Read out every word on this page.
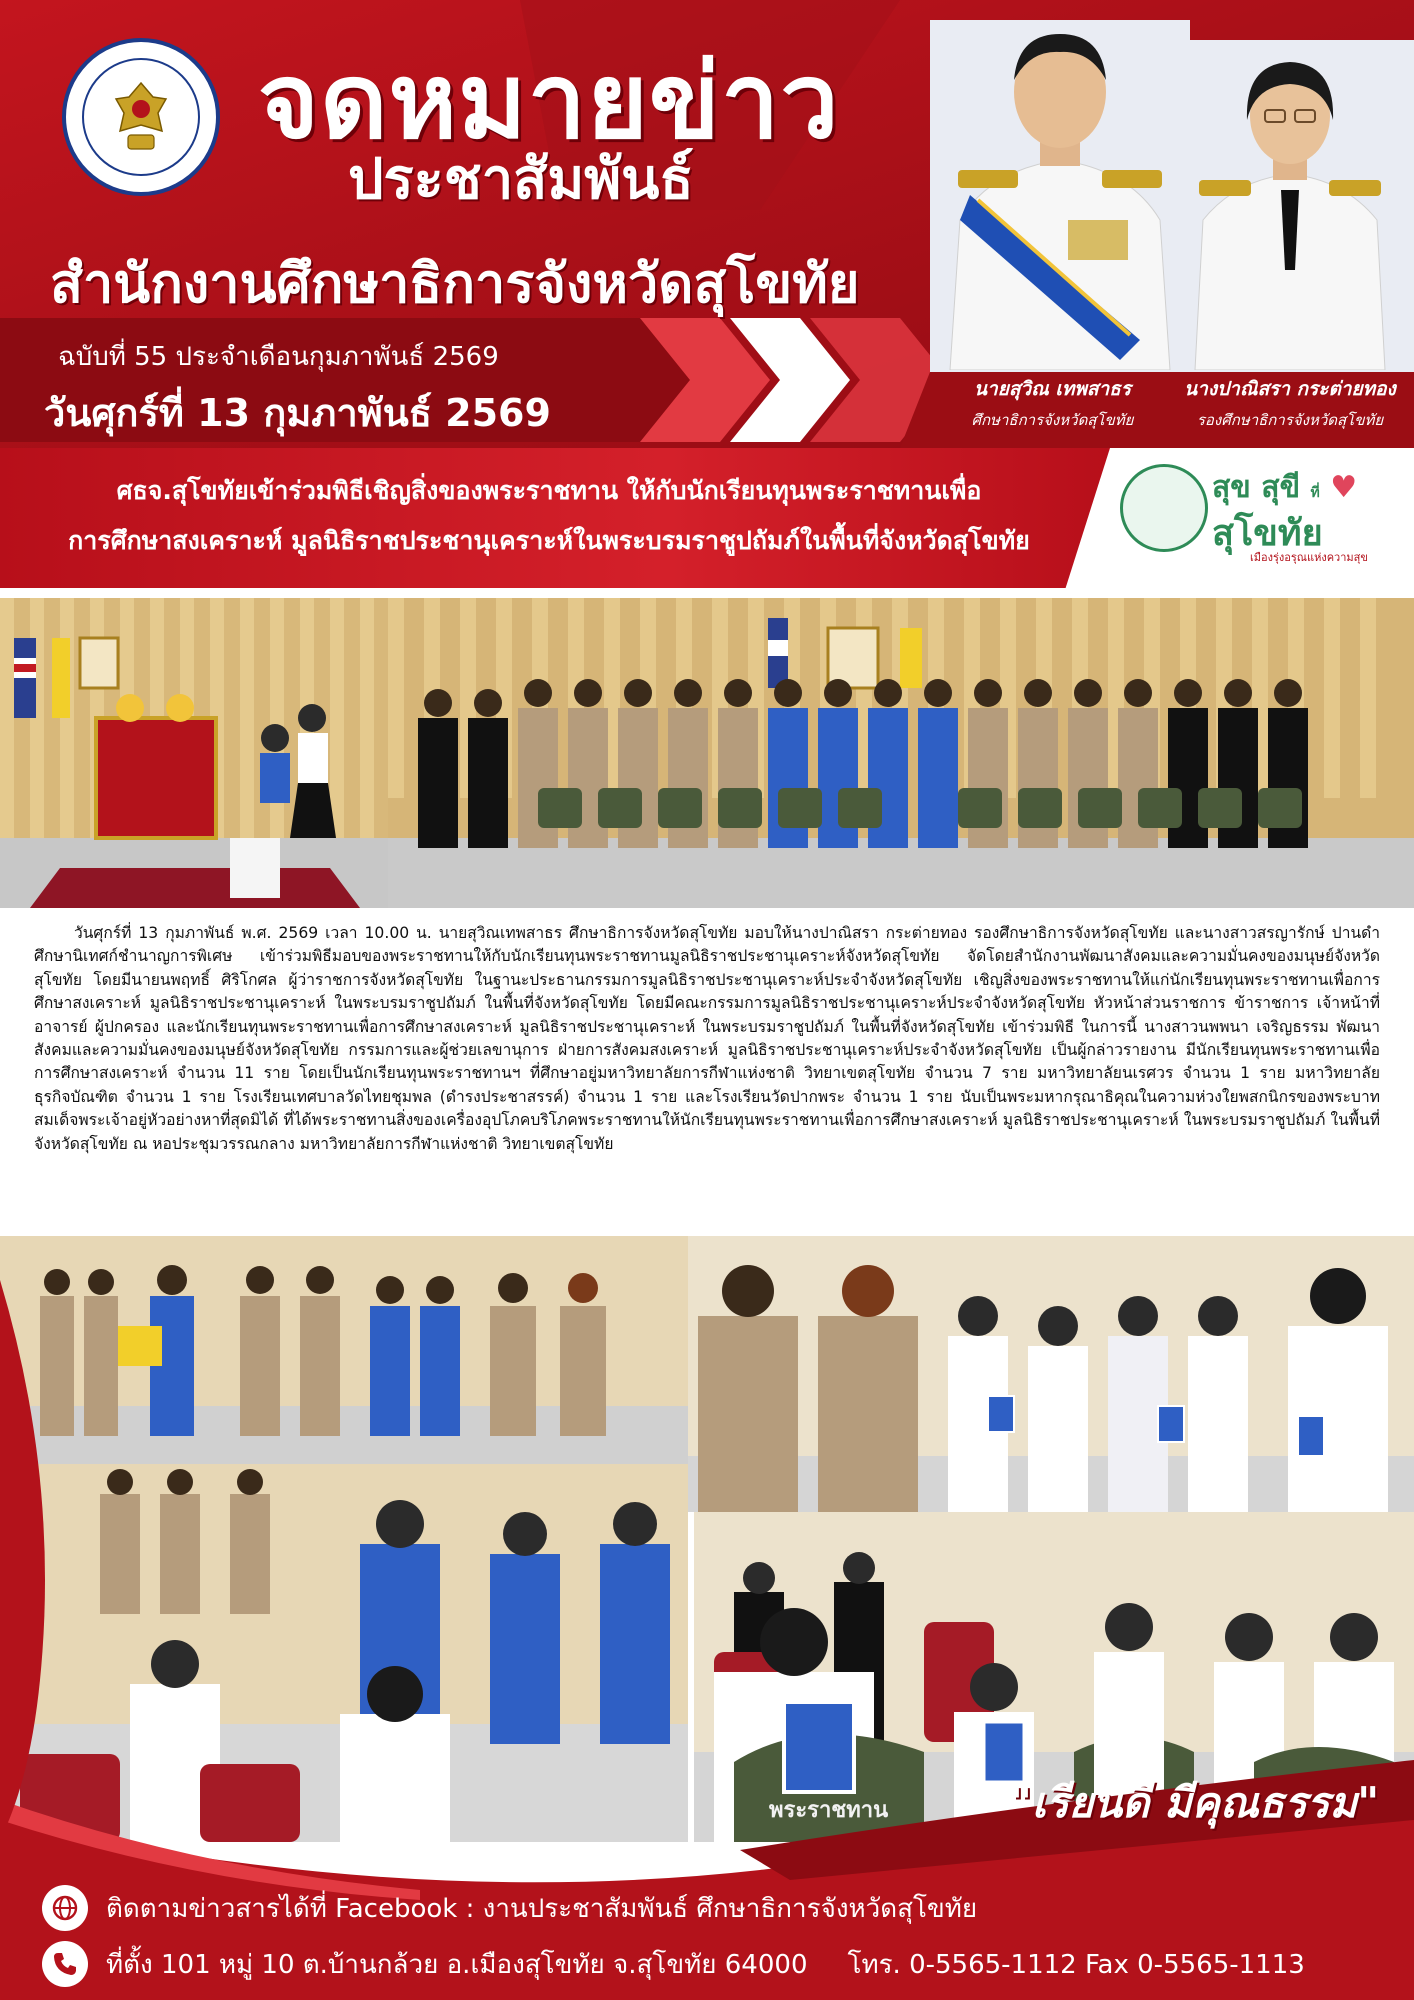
จดหมายข่าว
ประชาสัมพันธ์
สำนักงานศึกษาธิการจังหวัดสุโขทัย
ฉบับที่ 55 ประจำเดือนกุมภาพันธ์ 2569
วันศุกร์ที่ 13 กุมภาพันธ์ 2569
นายสุวิณ เทพสาธร
ศึกษาธิการจังหวัดสุโขทัย
นางปาณิสรา กระต่ายทอง
รองศึกษาธิการจังหวัดสุโขทัย
ศธจ.สุโขทัยเข้าร่วมพิธีเชิญสิ่งของพระราชทาน ให้กับนักเรียนทุนพระราชทานเพื่อ
การศึกษาสงเคราะห์ มูลนิธิราชประชานุเคราะห์ในพระบรมราชูปถัมภ์ในพื้นที่จังหวัดสุโขทัย
สุข สุขี ที่ ♥
สุโขทัย
เมืองรุ่งอรุณแห่งความสุข
วันศุกร์ที่ 13 กุมภาพันธ์ พ.ศ. 2569 เวลา 10.00 น. นายสุวิณเทพสาธร ศึกษาธิการจังหวัดสุโขทัย มอบให้นางปาณิสรา กระต่ายทอง รองศึกษาธิการจังหวัดสุโขทัย และนางสาวสรญารักษ์ ปานดำ ศึกษานิเทศก์ชำนาญการพิเศษ เข้าร่วมพิธีมอบของพระราชทานให้กับนักเรียนทุนพระราชทานมูลนิธิราชประชานุเคราะห์จังหวัดสุโขทัย จัดโดยสำนักงานพัฒนาสังคมและความมั่นคงของมนุษย์จังหวัดสุโขทัย โดยมีนายนพฤทธิ์ ศิริโกศล ผู้ว่าราชการจังหวัดสุโขทัย ในฐานะประธานกรรมการมูลนิธิราชประชานุเคราะห์ประจำจังหวัดสุโขทัย เชิญสิ่งของพระราชทานให้แก่นักเรียนทุนพระราชทานเพื่อการศึกษาสงเคราะห์ มูลนิธิราชประชานุเคราะห์ ในพระบรมราชูปถัมภ์ ในพื้นที่จังหวัดสุโขทัย โดยมีคณะกรรมการมูลนิธิราชประชานุเคราะห์ประจำจังหวัดสุโขทัย หัวหน้าส่วนราชการ ข้าราชการ เจ้าหน้าที่ อาจารย์ ผู้ปกครอง และนักเรียนทุนพระราชทานเพื่อการศึกษาสงเคราะห์ มูลนิธิราชประชานุเคราะห์ ในพระบรมราชูปถัมภ์ ในพื้นที่จังหวัดสุโขทัย เข้าร่วมพิธี ในการนี้ นางสาวนพพนา เจริญธรรม พัฒนาสังคมและความมั่นคงของมนุษย์จังหวัดสุโขทัย กรรมการและผู้ช่วยเลขานุการ ฝ่ายการสังคมสงเคราะห์ มูลนิธิราชประชานุเคราะห์ประจำจังหวัดสุโขทัย เป็นผู้กล่าวรายงาน มีนักเรียนทุนพระราชทานเพื่อการศึกษาสงเคราะห์ จำนวน 11 ราย โดยเป็นนักเรียนทุนพระราชทานฯ ที่ศึกษาอยู่มหาวิทยาลัยการกีฬาแห่งชาติ วิทยาเขตสุโขทัย จำนวน 7 ราย มหาวิทยาลัยนเรศวร จำนวน 1 ราย มหาวิทยาลัยธุรกิจบัณฑิต จำนวน 1 ราย โรงเรียนเทศบาลวัดไทยชุมพล (ดำรงประชาสรรค์) จำนวน 1 ราย และโรงเรียนวัดปากพระ จำนวน 1 ราย นับเป็นพระมหากรุณาธิคุณในความห่วงใยพสกนิกรของพระบาทสมเด็จพระเจ้าอยู่หัวอย่างหาที่สุดมิได้ ที่ได้พระราชทานสิ่งของเครื่องอุปโภคบริโภคพระราชทานให้นักเรียนทุนพระราชทานเพื่อการศึกษาสงเคราะห์ มูลนิธิราชประชานุเคราะห์ ในพระบรมราชูปถัมภ์ ในพื้นที่จังหวัดสุโขทัย ณ หอประชุมวรรณกลาง มหาวิทยาลัยการกีฬาแห่งชาติ วิทยาเขตสุโขทัย
พระราชทาน	"เรียนดี มีคุณธรรม"
ติดตามข่าวสารได้ที่ Facebook : งานประชาสัมพันธ์ ศึกษาธิการจังหวัดสุโขทัย
ที่ตั้ง 101 หมู่ 10 ต.บ้านกล้วย อ.เมืองสุโขทัย จ.สุโขทัย 64000 โทร. 0-5565-1112 Fax 0-5565-1113
